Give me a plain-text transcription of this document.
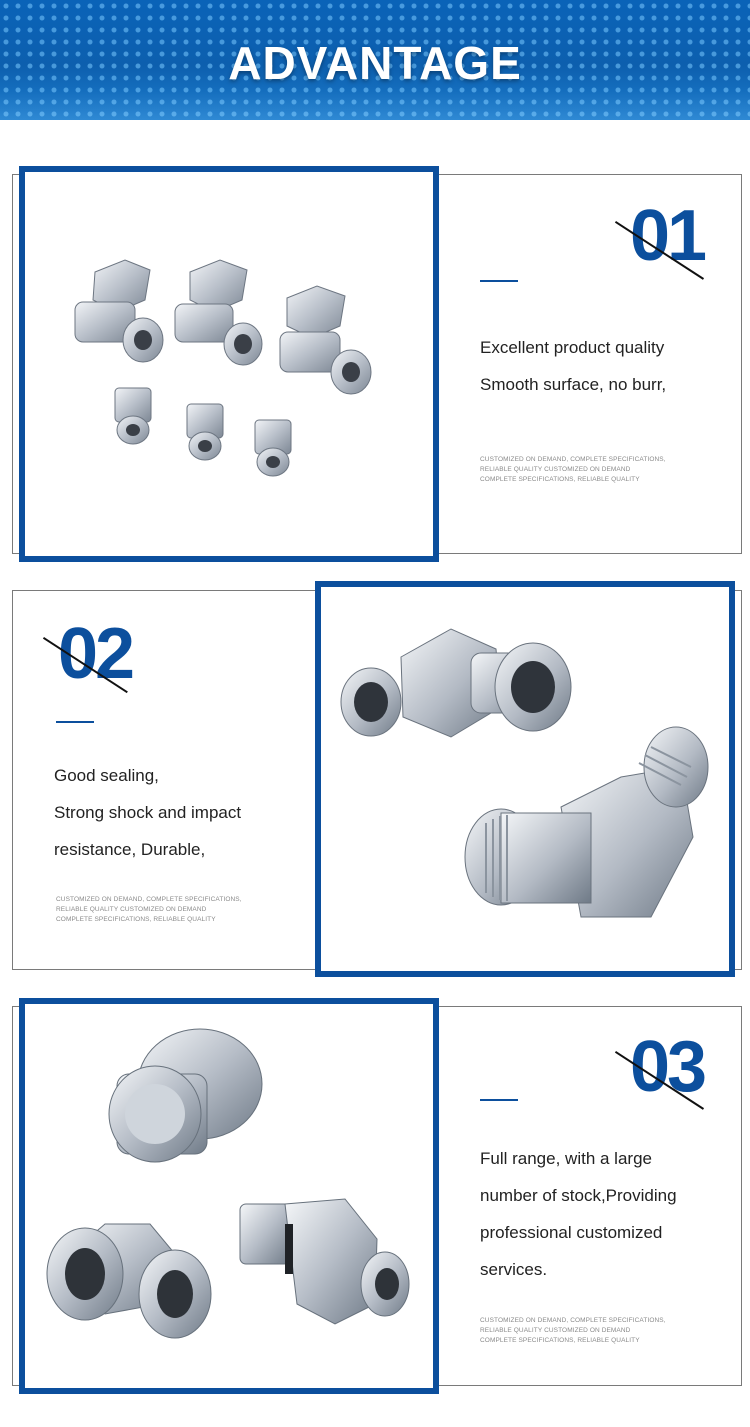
ADVANTAGE
01
Excellent product quality
Smooth surface, no burr,
CUSTOMIZED ON DEMAND, COMPLETE SPECIFICATIONS,
RELIABLE QUALITY CUSTOMIZED ON DEMAND
COMPLETE SPECIFICATIONS, RELIABLE QUALITY
02
Good sealing,
Strong shock and impact
resistance, Durable,
CUSTOMIZED ON DEMAND, COMPLETE SPECIFICATIONS,
RELIABLE QUALITY CUSTOMIZED ON DEMAND
COMPLETE SPECIFICATIONS, RELIABLE QUALITY
03
Full range, with a large
number of stock,Providing
professional customized
services.
CUSTOMIZED ON DEMAND, COMPLETE SPECIFICATIONS,
RELIABLE QUALITY CUSTOMIZED ON DEMAND
COMPLETE SPECIFICATIONS, RELIABLE QUALITY
